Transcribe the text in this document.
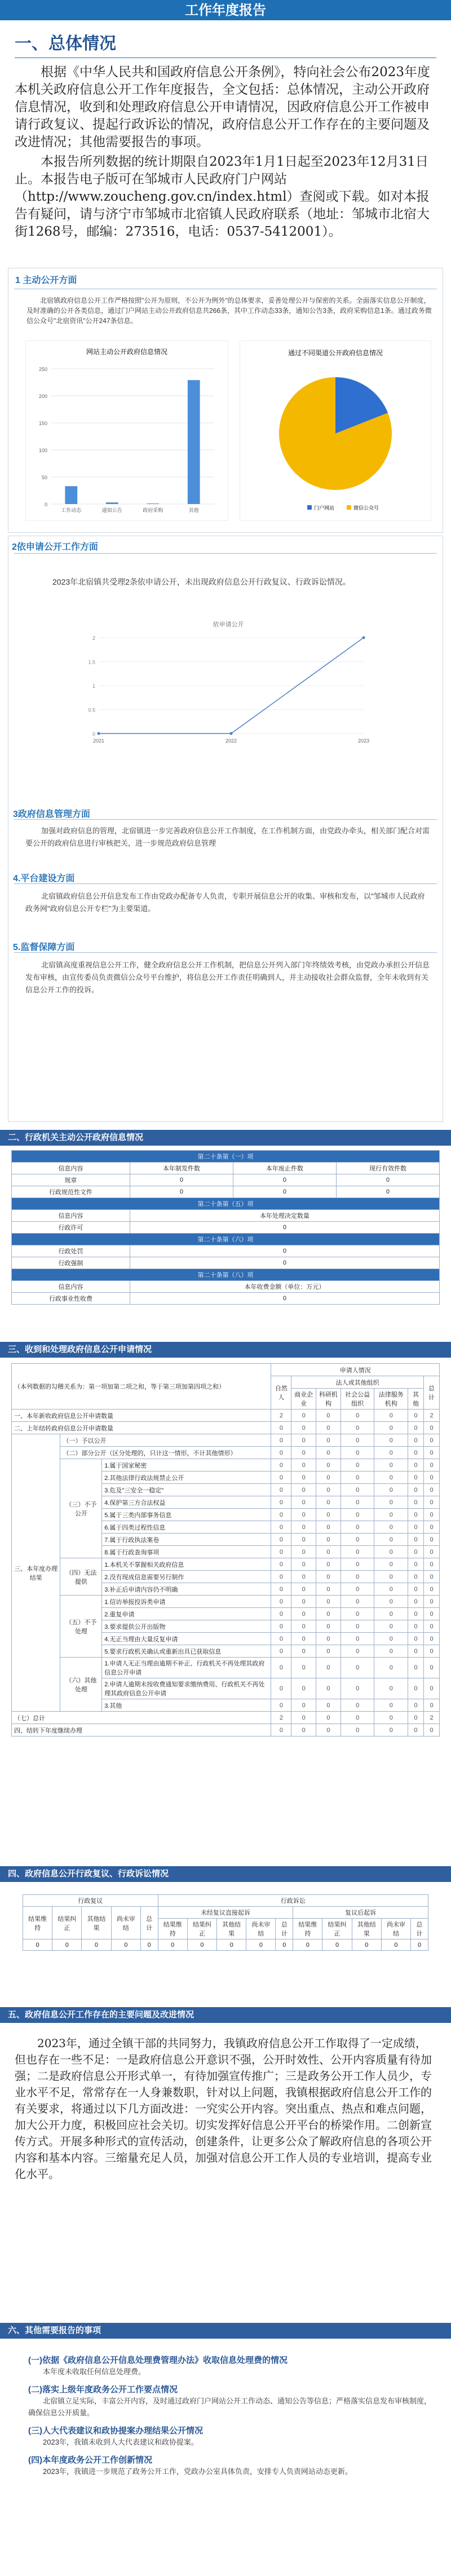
工作年度报告
一、总体情况

根据《中华人民共和国政府信息公开条例》，特向社会公布2023年度本机关政府信息公开工作年度报告，全文包括：总体情况，主动公开政府信息情况，收到和处理政府信息公开申请情况，因政府信息公开工作被申请行政复议、提起行政诉讼的情况，政府信息公开工作存在的主要问题及改进情况；其他需要报告的事项。

本报告所列数据的统计期限自2023年1月1日起至2023年12月31日止。本报告电子版可在邹城市人民政府门户网站（http://www.zoucheng.gov.cn/index.html）查阅或下载。如对本报告有疑问，请与济宁市邹城市北宿镇人民政府联系（地址：邹城市北宿大街1268号，邮编：273516，电话：0537-5412001）。

1 主动公开方面

北宿镇政府信息公开工作严格按照"公开为原则，不公开为例外"的总体要求，妥善处理公开与保密的关系。全面落实信息公开制度，及时准确的公开各类信息，通过门户网站主动公开政府信息共266条，其中工作动态33条，通知公告3条，政府采购信息1条。通过政务微信公众号"北宿资讯"公开247条信息。

网站主动公开政府信息情况
0
50
100
150
200
250
工作动态	通知公告	政府采购	其他
通过不同渠道公开政府信息情况
门户网站	微信公众号
2依申请公开工作方面

2023年北宿镇共受理2条依申请公开，未出现政府信息公开行政复议、行政诉讼情况。

依申请公开
0
0.5
1
1.5
2
2021	2022	2023
3政府信息管理方面

加强对政府信息的管理，北宿镇进一步完善政府信息公开工作制度，在工作机制方面，由党政办牵头，相关部门配合对需要公开的政府信息进行审核把关，进一步规范政府信息管理

4.平台建设方面

北宿镇政府信息公开信息发布工作由党政办配备专人负责，专职开展信息公开的收集、审核和发布，以"邹城市人民政府政务网"政府信息公开专栏"为主要渠道。

5.监督保障方面

北宿镇高度重视信息公开工作，健全政府信息公开工作机制，把信息公开列入部门年终绩效考核，由党政办承担公开信息发布审核，由宣传委员负责微信公众号平台维护，将信息公开工作责任明确到人，并主动接收社会群众监督，全年未收到有关信息公开工作的投诉。

二、行政机关主动公开政府信息情况
第二十条第（一）项			
信息内容	本年制发件数	本年废止件数	现行有效件数
规章	0	0	0
行政规范性文件	0	0	0
第二十条第（五）项			
信息内容	本年处理决定数量		
行政许可	0		
第二十条第（六）项			
行政处罚	0		
行政强制	0		
第二十条第（八）项			
信息内容	本年收费金额（单位：万元）		
行政事业性收费	0		
三、收到和处理政府信息公开申请情况
（本列数据的勾稽关系为：第一项加第二项之和，等于第三项加第四项之和）			申请人情况						
			自然人	法人或其他组织					总计
				商业企业	科研机构	社会公益组织	法律服务机构	其他	
一、本年新收政府信息公开申请数量			2	0	0	0	0	0	2
二、上年结转政府信息公开申请数量			0	0	0	0	0	0	0
三、本年度办理结果	（一）予以公开		0	0	0	0	0	0	0
	（二）部分公开（区分处理的，只计这一情形，不计其他情形）		0	0	0	0	0	0	0
	（三）不予公开	1.属于国家秘密	0	0	0	0	0	0	0
		2.其他法律行政法规禁止公开	0	0	0	0	0	0	0
		3.危及"三安全一稳定"	0	0	0	0	0	0	0
		4.保护第三方合法权益	0	0	0	0	0	0	0
		5.属于三类内部事务信息	0	0	0	0	0	0	0
		6.属于四类过程性信息	0	0	0	0	0	0	0
		7.属于行政执法案卷	0	0	0	0	0	0	0
		8.属于行政查询事项	0	0	0	0	0	0	0
	（四）无法提供	1.本机关不掌握相关政府信息	0	0	0	0	0	0	0
		2.没有现成信息需要另行制作	0	0	0	0	0	0	0
		3.补正后申请内容仍不明确	0	0	0	0	0	0	0
	（五）不予处理	1.信访举报投诉类申请	0	0	0	0	0	0	0
		2.重复申请	0	0	0	0	0	0	0
		3.要求提供公开出版物	0	0	0	0	0	0	0
		4.无正当理由大量反复申请	0	0	0	0	0	0	0
		5.要求行政机关确认或重新出具已获取信息	0	0	0	0	0	0	0
	（六）其他处理	1.申请人无正当理由逾期不补正、行政机关不再处理其政府信息公开申请	0	0	0	0	0	0	0
		2.申请人逾期未按收费通知要求缴纳费用、行政机关不再处理其政府信息公开申请	0	0	0	0	0	0	0
		3.其他	0	0	0	0	0	0	0
（七）总计			2	0	0	0	0	0	2
四、结转下年度继续办理			0	0	0	0	0	0	0
四、政府信息公开行政复议、行政诉讼情况
行政复议					行政诉讼									
结果维持	结果纠正	其他结果	尚未审结	总计	未经复议直接起诉					复议后起诉				
					结果维持	结果纠正	其他结果	尚未审结	总计	结果维持	结果纠正	其他结果	尚未审结	总计
0	0	0	0	0	0	0	0	0	0	0	0	0	0	0
五、政府信息公开工作存在的主要问题及改进情况

2023年，通过全镇干部的共同努力，我镇政府信息公开工作取得了一定成绩，但也存在一些不足：一是政府信息公开意识不强，公开时效性、公开内容质量有待加强；二是政府信息公开形式单一，有待加强宣传推广；三是政务公开工作人员少，专业水平不足，常常存在一人身兼数职，针对以上问题，我镇根据政府信息公开工作的有关要求，将通过以下几方面改进：一究实公开内容。突出重点、热点和难点问题，加大公开力度，积极回应社会关切。切实发挥好信息公开平台的桥梁作用。二创新宣传方式。开展多种形式的宣传活动，创建条件，让更多公众了解政府信息的各项公开内容和基本内容。三缩量充足人员，加强对信息公开工作人员的专业培训，提高专业化水平。

六、其他需要报告的事项
(一)依据《政府信息公开信息处理费管理办法》收取信息处理费的情况
本年度未收取任何信息处理费。
(二)落实上级年度政务公开工作要点情况
北宿镇立足实际，丰富公开内容，及时通过政府门户网站公开工作动态、通知公告等信息；严格落实信息发布审核制度，确保信息公开质量。
(三)人大代表建议和政协提案办理结果公开情况
2023年，我镇未收到人大代表建议和政协提案。
(四)本年度政务公开工作创新情况
2023年，我镇进一步规范了政务公开工作，党政办公室具体负责，安排专人负责网站动态更新。
